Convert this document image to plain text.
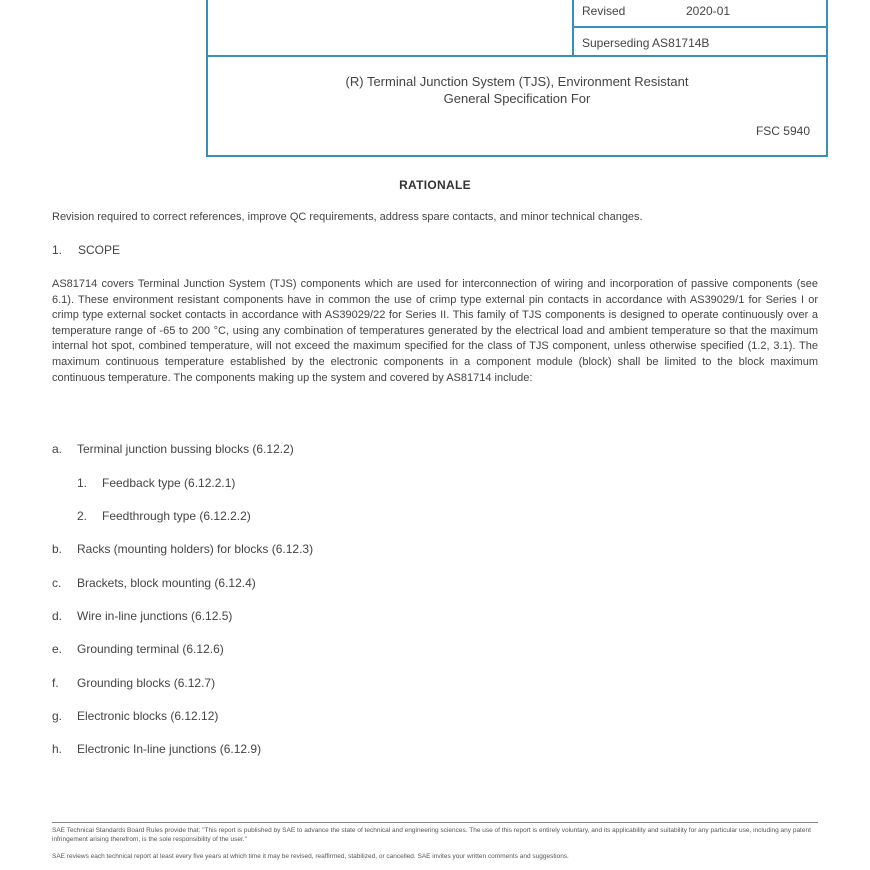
Revised	2020-01
Superseding AS81714B
(R) Terminal Junction System (TJS), Environment Resistant
General Specification For
FSC 5940
RATIONALE
Revision required to correct references, improve QC requirements, address spare contacts, and minor technical changes.
1. SCOPE
AS81714 covers Terminal Junction System (TJS) components which are used for interconnection of wiring and incorporation of passive components (see 6.1). These environment resistant components have in common the use of crimp type external pin contacts in accordance with AS39029/1 for Series I or crimp type external socket contacts in accordance with AS39029/22 for Series II. This family of TJS components is designed to operate continuously over a temperature range of -65 to 200 °C, using any combination of temperatures generated by the electrical load and ambient temperature so that the maximum internal hot spot, combined temperature, will not exceed the maximum specified for the class of TJS component, unless otherwise specified (1.2, 3.1). The maximum continuous temperature established by the electronic components in a component module (block) shall be limited to the block maximum continuous temperature. The components making up the system and covered by AS81714 include:
a. Terminal junction bussing blocks (6.12.2)
1. Feedback type (6.12.2.1)
2. Feedthrough type (6.12.2.2)
b. Racks (mounting holders) for blocks (6.12.3)
c. Brackets, block mounting (6.12.4)
d. Wire in-line junctions (6.12.5)
e. Grounding terminal (6.12.6)
f. Grounding blocks (6.12.7)
g. Electronic blocks (6.12.12)
h. Electronic In-line junctions (6.12.9)
SAE Technical Standards Board Rules provide that: "This report is published by SAE to advance the state of technical and engineering sciences. The use of this report is entirely voluntary, and its applicability and suitability for any particular use, including any patent infringement arising therefrom, is the sole responsibility of the user."
SAE reviews each technical report at least every five years at which time it may be revised, reaffirmed, stabilized, or cancelled. SAE invites your written comments and suggestions.
